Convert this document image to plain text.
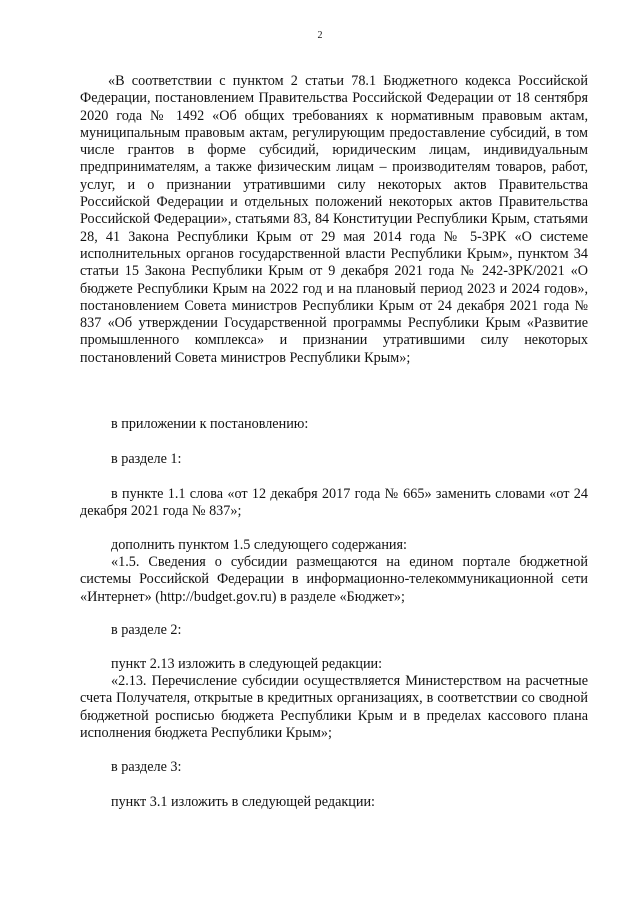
2

«В соответствии с пунктом 2 статьи 78.1 Бюджетного кодекса Российской Федерации, постановлением Правительства Российской Федерации от 18 сентября 2020 года № 1492 «Об общих требованиях к нормативным правовым актам, муниципальным правовым актам, регулирующим предоставление субсидий, в том числе грантов в форме субсидий, юридическим лицам, индивидуальным предпринимателям, а также физическим лицам – производителям товаров, работ, услуг, и о признании утратившими силу некоторых актов Правительства Российской Федерации и отдельных положений некоторых актов Правительства Российской Федерации», статьями 83, 84 Конституции Республики Крым, статьями 28, 41 Закона Республики Крым от 29 мая 2014 года № 5-ЗРК «О системе исполнительных органов государственной власти Республики Крым», пунктом 34 статьи 15 Закона Республики Крым от 9 декабря 2021 года № 242-ЗРК/2021 «О бюджете Республики Крым на 2022 год и на плановый период 2023 и 2024 годов», постановлением Совета министров Республики Крым от 24 декабря 2021 года № 837 «Об утверждении Государственной программы Республики Крым «Развитие промышленного комплекса» и признании утратившими силу некоторых постановлений Совета министров Республики Крым»;

в приложении к постановлению:

в разделе 1:

в пункте 1.1 слова «от 12 декабря 2017 года № 665» заменить словами «от 24 декабря 2021 года № 837»;

дополнить пунктом 1.5 следующего содержания:

«1.5. Сведения о субсидии размещаются на едином портале бюджетной системы Российской Федерации в информационно-телекоммуникационной сети «Интернет» (http://budget.gov.ru) в разделе «Бюджет»;

в разделе 2:

пункт 2.13 изложить в следующей редакции:

«2.13. Перечисление субсидии осуществляется Министерством на расчетные счета Получателя, открытые в кредитных организациях, в соответствии со сводной бюджетной росписью бюджета Республики Крым и в пределах кассового плана исполнения бюджета Республики Крым»;

в разделе 3:

пункт 3.1 изложить в следующей редакции:
